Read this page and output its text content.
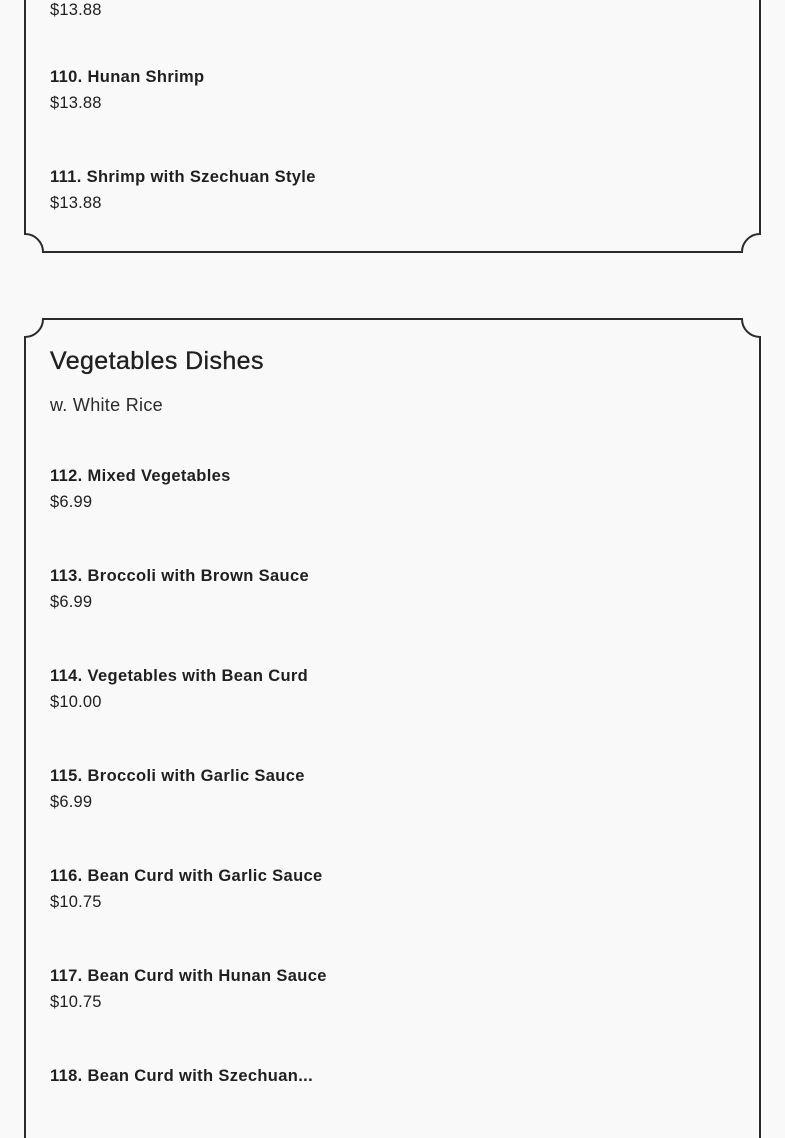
$13.88
110. Hunan Shrimp
$13.88
111. Shrimp with Szechuan Style
$13.88
Vegetables Dishes
w. White Rice
112. Mixed Vegetables
$6.99
113. Broccoli with Brown Sauce
$6.99
114. Vegetables with Bean Curd
$10.00
115. Broccoli with Garlic Sauce
$6.99
116. Bean Curd with Garlic Sauce
$10.75
117. Bean Curd with Hunan Sauce
$10.75
118. Bean Curd with Szechuan...
